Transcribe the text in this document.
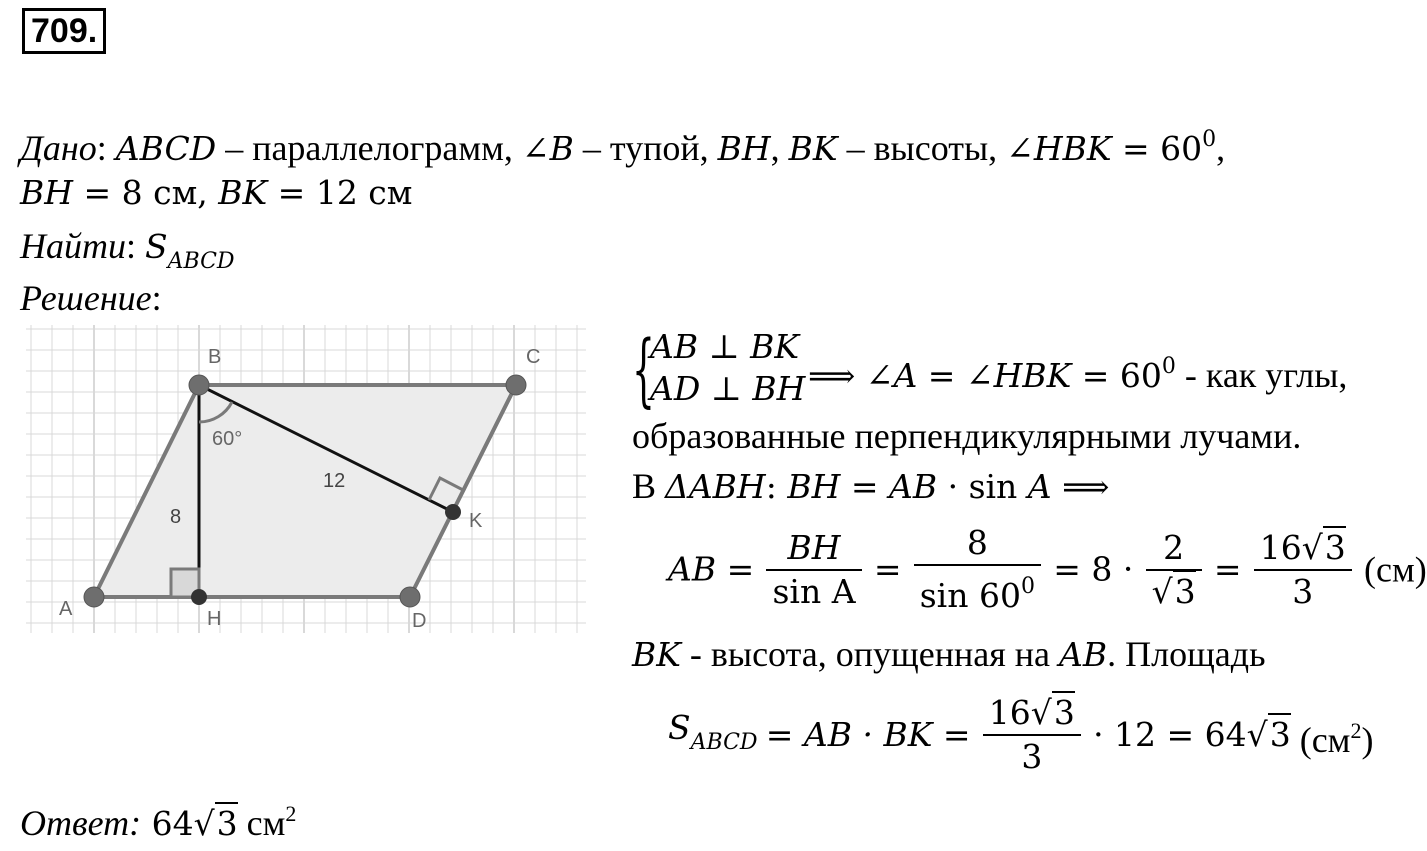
709.
Дано: ABCD – параллелограмм, ∠B – тупой, BH, BK – высоты, ∠HBK = $60^0$,
BH = 8 см, BK = 12 см
Найти: $S_{ABCD}$
Решение:
A
B	C
D
H
K
60°
8
12
{
AB ⊥ BK
AD ⊥ BH ⟹ ∠A = ∠HBK = $60^0$ - как углы,
образованные перпендикулярными лучами.
В ΔABH: BH = AB · sin A ⟹
AB = $\frac{BH}{\text{sin A}} = \frac{8}{\sin 60^0} = 8 \cdot \frac{2}{√3} = \frac{16√3}{3} (см)$
BK - высота, опущенная на AB. Площадь
$S_{ABCD}$ = AB · BK = $\frac{16√3}{3} \cdot 12 = 64√3$ $(см^2)$
Ответ: 64√3 $см^2$
